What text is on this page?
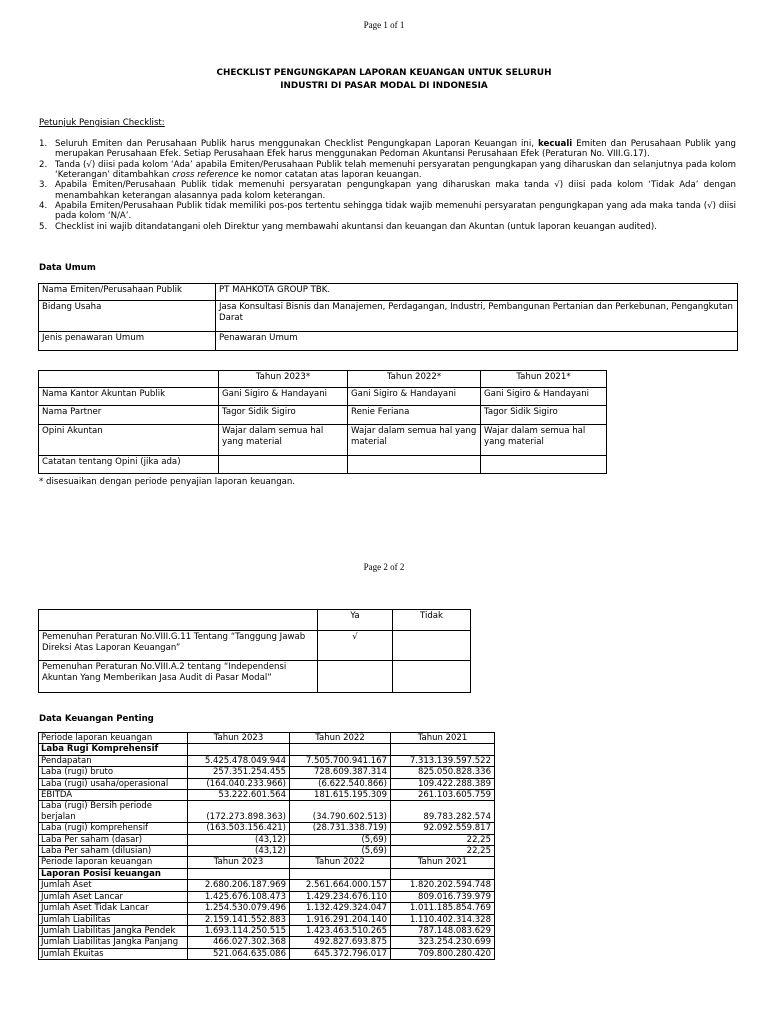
Page 1 of 1
CHECKLIST PENGUNGKAPAN LAPORAN KEUANGAN UNTUK SELURUH
INDUSTRI DI PASAR MODAL DI INDONESIA
Petunjuk Pengisian Checklist:
1. Seluruh Emiten dan Perusahaan Publik harus menggunakan Checklist Pengungkapan Laporan Keuangan ini, kecuali Emiten dan Perusahaan Publik yang merupakan Perusahaan Efek. Setiap Perusahaan Efek harus menggunakan Pedoman Akuntansi Perusahaan Efek (Peraturan No. VIII.G.17).
2. Tanda (√) diisi pada kolom ‘Ada’ apabila Emiten/Perusahaan Publik telah memenuhi persyaratan pengungkapan yang diharuskan dan selanjutnya pada kolom ‘Keterangan’ ditambahkan cross reference ke nomor catatan atas laporan keuangan.
3. Apabila Emiten/Perusahaan Publik tidak memenuhi persyaratan pengungkapan yang diharuskan maka tanda √) diisi pada kolom ‘Tidak Ada’ dengan menambahkan keterangan alasannya pada kolom keterangan.
4. Apabila Emiten/Perusahaan Publik tidak memiliki pos-pos tertentu sehingga tidak wajib memenuhi persyaratan pengungkapan yang ada maka tanda (√) diisi pada kolom ‘N/A’.
5. Checklist ini wajib ditandatangani oleh Direktur yang membawahi akuntansi dan keuangan dan Akuntan (untuk laporan keuangan audited).
Data Umum
Nama Emiten/Perusahaan Publik	PT MAHKOTA GROUP TBK.
Bidang Usaha	Jasa Konsultasi Bisnis dan Manajemen, Perdagangan, Industri, Pembangunan Pertanian dan Perkebunan, Pengangkutan Darat
Jenis penawaran Umum	Penawaran Umum
	Tahun 2023*	Tahun 2022*	Tahun 2021*
Nama Kantor Akuntan Publik	Gani Sigiro & Handayani	Gani Sigiro & Handayani	Gani Sigiro & Handayani
Nama Partner	Tagor Sidik Sigiro	Renie Feriana	Tagor Sidik Sigiro
Opini Akuntan	Wajar dalam semua hal yang material	Wajar dalam semua hal yang material	Wajar dalam semua hal yang material
Catatan tentang Opini (jika ada)			
* disesuaikan dengan periode penyajian laporan keuangan.
Page 2 of 2
	Ya	Tidak
Pemenuhan Peraturan No.VIII.G.11 Tentang “Tanggung Jawab Direksi Atas Laporan Keuangan”	√	
Pemenuhan Peraturan No.VIII.A.2 tentang “Independensi Akuntan Yang Memberikan Jasa Audit di Pasar Modal”		
Data Keuangan Penting
Periode laporan keuangan	Tahun 2023	Tahun 2022	Tahun 2021
Laba Rugi Komprehensif			
Pendapatan	5.425.478.049.944	7.505.700.941.167	7.313.139.597.522
Laba (rugi) bruto	257.351.254.455	728.609.387.314	825.050.828.336
Laba (rugi) usaha/operasional	(164.040.233.966)	(6.622.540.866)	109.422.288.389
EBITDA	53.222.601.564	181.615.195.309	261.103.605.759
Laba (rugi) Bersih periode berjalan	(172.273.898.363)	(34.790.602.513)	89.783.282.574
Laba (rugi) komprehensif	(163.503.156.421)	(28.731.338.719)	92.092.559.817
Laba Per saham (dasar)	(43,12)	(5,69)	22,25
Laba Per saham (dilusian)	(43,12)	(5,69)	22,25
Periode laporan keuangan	Tahun 2023	Tahun 2022	Tahun 2021
Laporan Posisi keuangan			
Jumlah Aset	2.680.206.187.969	2.561.664.000.157	1.820.202.594.748
Jumlah Aset Lancar	1.425.676.108.473	1.429.234.676.110	809.016.739.979
Jumlah Aset Tidak Lancar	1.254.530.079.496	1.132.429.324.047	1.011.185.854.769
Jumlah Liabilitas	2.159.141.552.883	1.916.291.204.140	1.110.402.314.328
Jumlah Liabilitas Jangka Pendek	1.693.114.250.515	1.423.463.510.265	787.148.083.629
Jumlah Liabilitas Jangka Panjang	466.027.302.368	492.827.693.875	323.254.230.699
Jumlah Ekuitas	521.064.635.086	645.372.796.017	709.800.280.420
